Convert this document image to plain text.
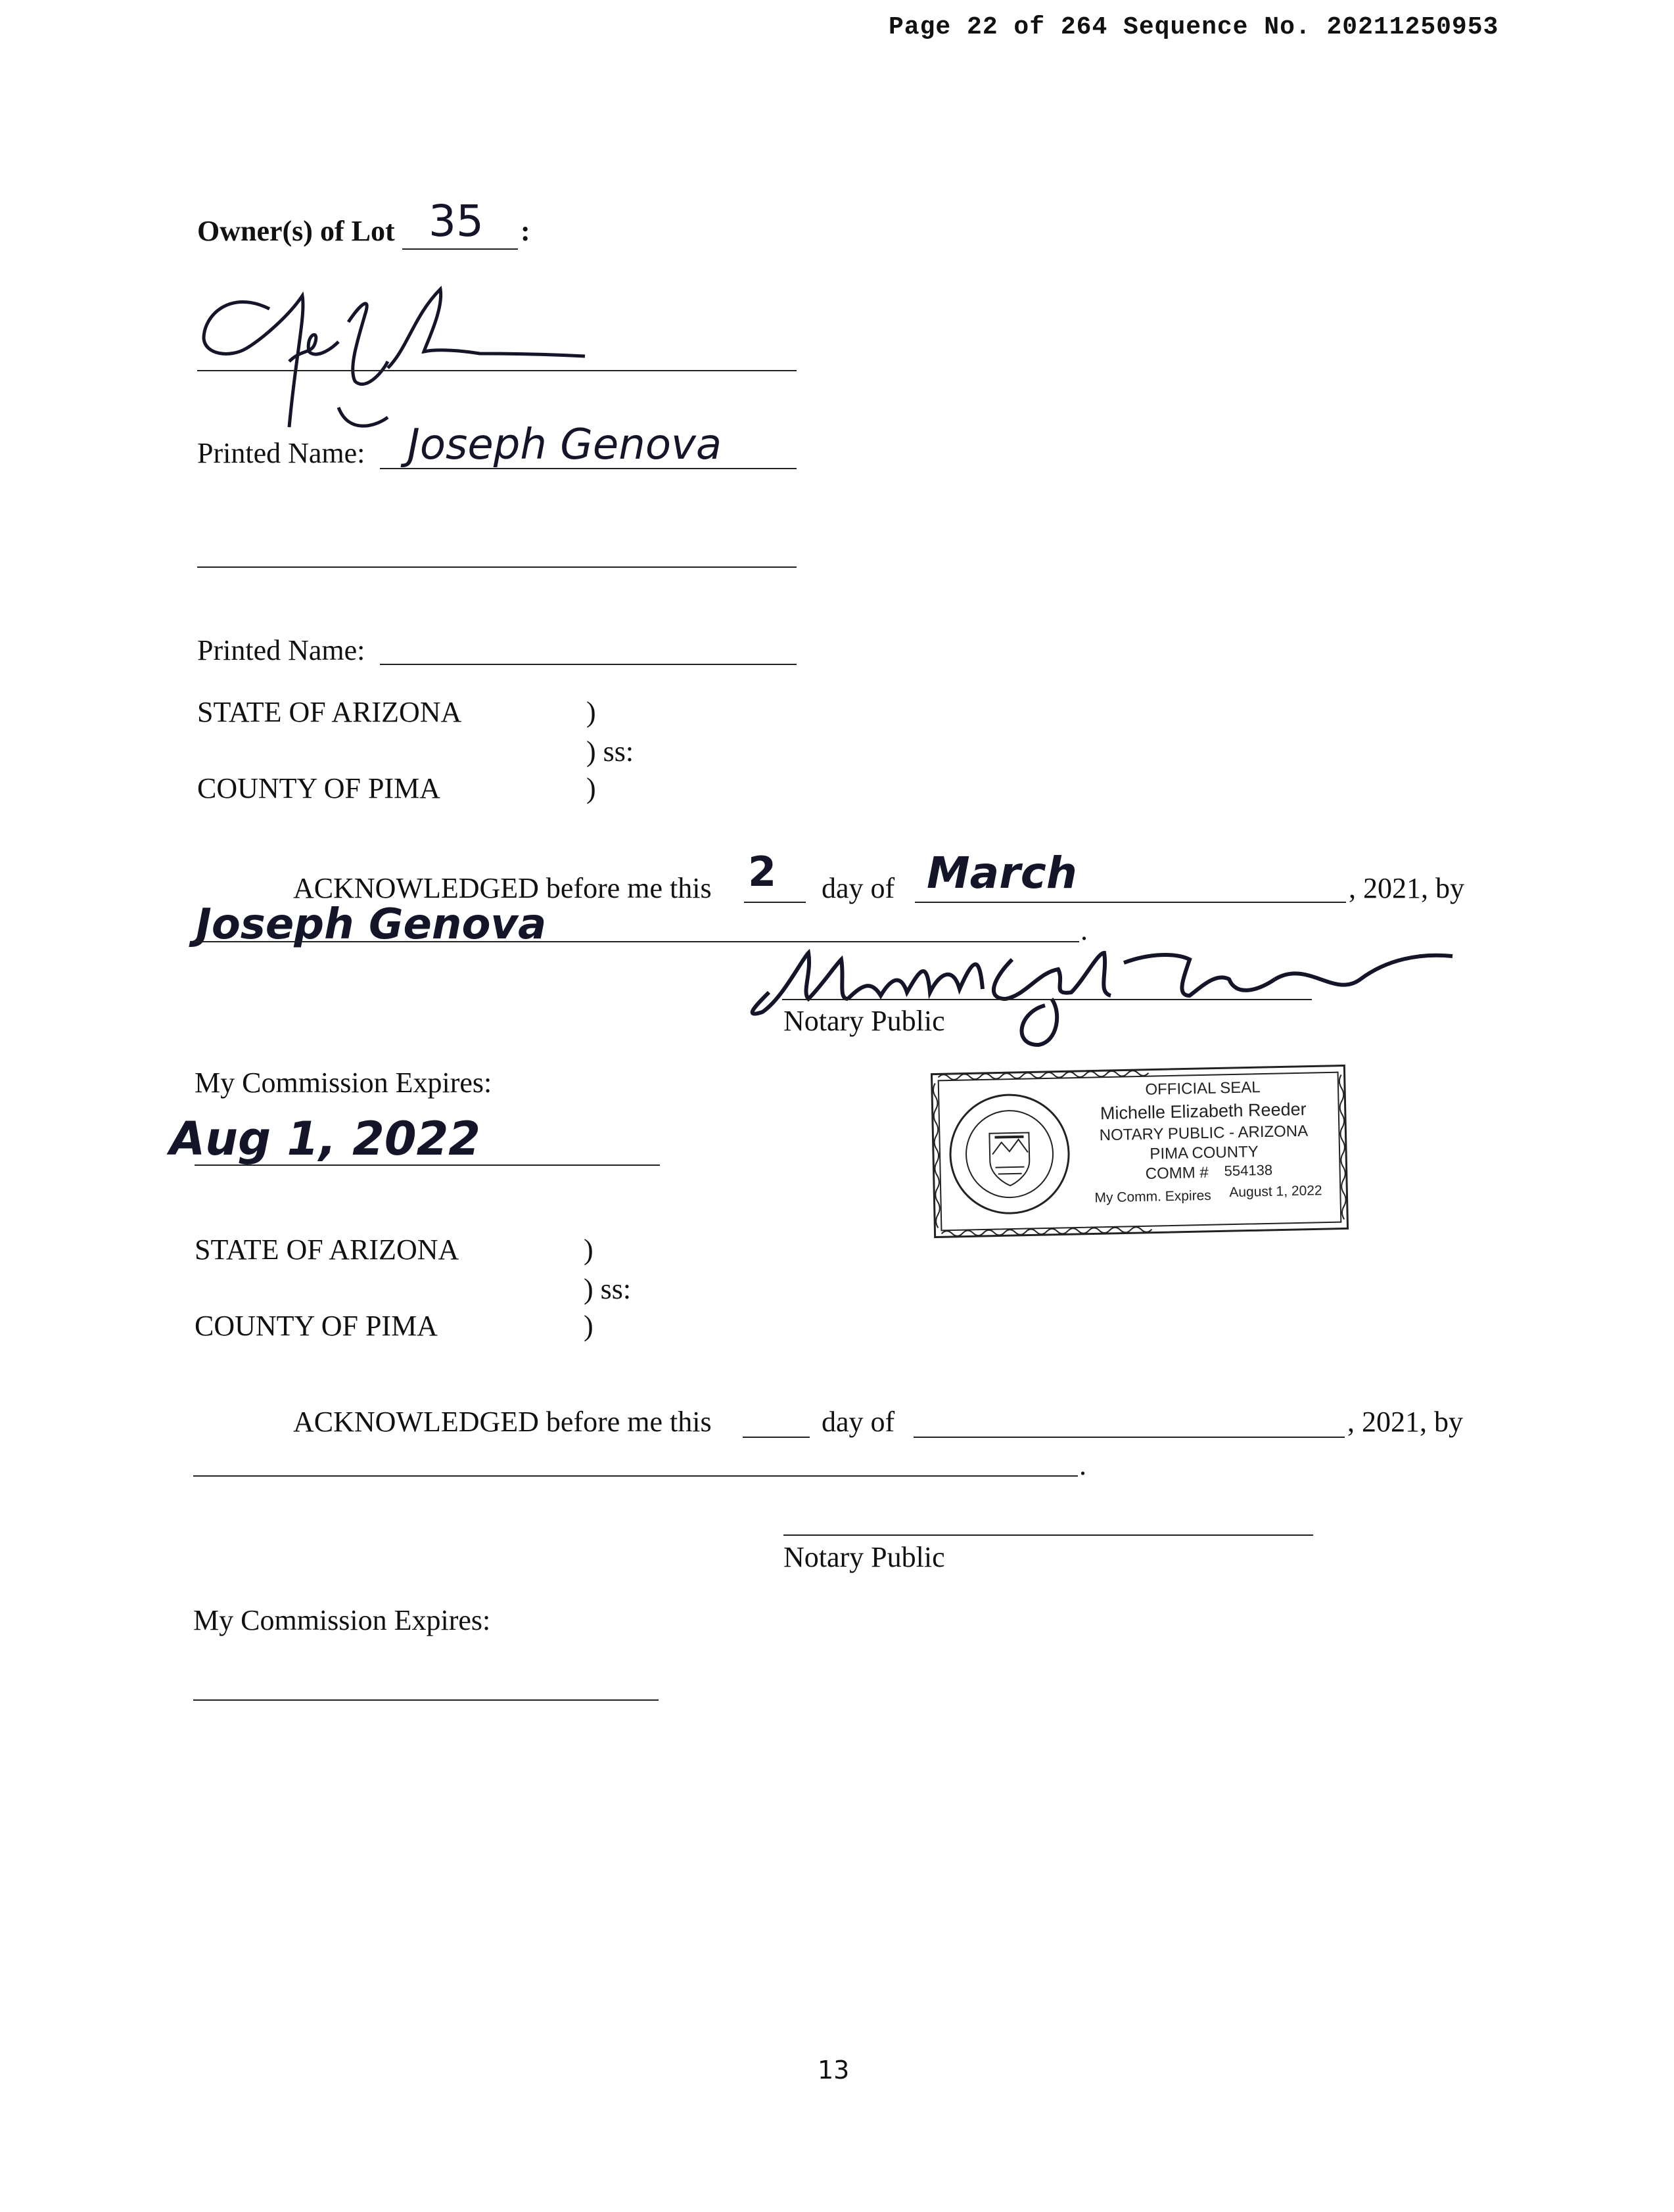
Page 22 of 264 Sequence No. 20211250953
Owner(s) of Lot 35 :
Printed Name: Joseph Genova
Printed Name:
STATE OF ARIZONA	)
) ss:
COUNTY OF PIMA	)
ACKNOWLEDGED before me this 2 day of March	, 2021, by
Joseph Genova	.
Notary Public
My Commission Expires:
Aug 1, 2022
OFFICIAL SEAL
Michelle Elizabeth Reeder
NOTARY PUBLIC - ARIZONA
PIMA COUNTY
COMM # 554138
My Comm. Expires August 1, 2022
STATE OF ARIZONA	)
) ss:
COUNTY OF PIMA	)
ACKNOWLEDGED before me this	day of	, 2021, by
.
Notary Public
My Commission Expires:
13
